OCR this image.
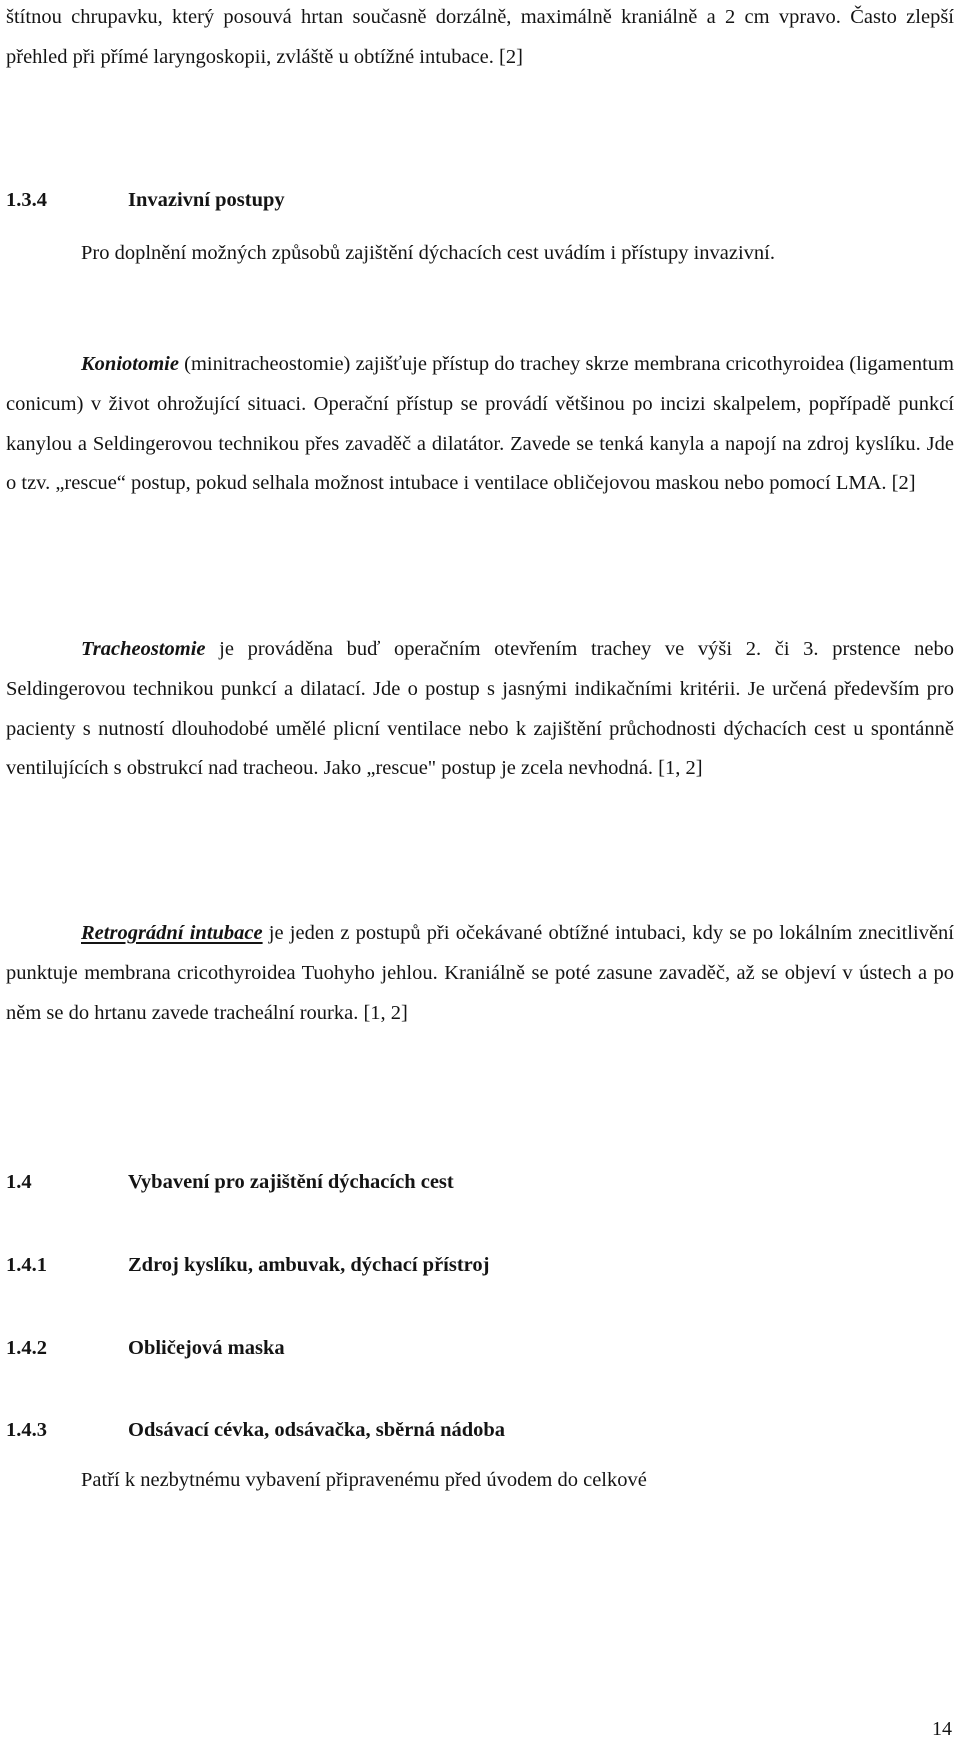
štítnou chrupavku, který posouvá hrtan současně dorzálně, maximálně kraniálně a 2 cm vpravo. Často zlepší přehled při přímé laryngoskopii, zvláště u obtížné intubace. [2]

1.3.4	Invazivní postupy

Pro doplnění možných způsobů zajištění dýchacích cest uvádím i přístupy invazivní.

Koniotomie (minitracheostomie) zajišťuje přístup do trachey skrze membrana cricothyroidea (ligamentum conicum) v život ohrožující situaci. Operační přístup se provádí většinou po incizi skalpelem, popřípadě punkcí kanylou a Seldingerovou technikou přes zavaděč a dilatátor. Zavede se tenká kanyla a napojí na zdroj kyslíku. Jde o tzv. „rescue“ postup, pokud selhala možnost intubace i ventilace obličejovou maskou nebo pomocí LMA. [2]

Tracheostomie je prováděna buď operačním otevřením trachey ve výši 2. či 3. prstence nebo Seldingerovou technikou punkcí a dilatací. Jde o postup s jasnými indikačními kritérii. Je určená především pro pacienty s nutností dlouhodobé umělé plicní ventilace nebo k zajištění průchodnosti dýchacích cest u spontánně ventilujících s obstrukcí nad tracheou. Jako „rescue" postup je zcela nevhodná. [1, 2]

Retrográdní intubace je jeden z postupů při očekávané obtížné intubaci, kdy se po lokálním znecitlivění punktuje membrana cricothyroidea Tuohyho jehlou. Kraniálně se poté zasune zavaděč, až se objeví v ústech a po něm se do hrtanu zavede tracheální rourka. [1, 2]

1.4	Vybavení pro zajištění dýchacích cest
1.4.1	Zdroj kyslíku, ambuvak, dýchací přístroj
1.4.2	Obličejová maska
1.4.3	Odsávací cévka, odsávačka, sběrná nádoba

Patří k nezbytnému vybavení připravenému před úvodem do celkové

14
